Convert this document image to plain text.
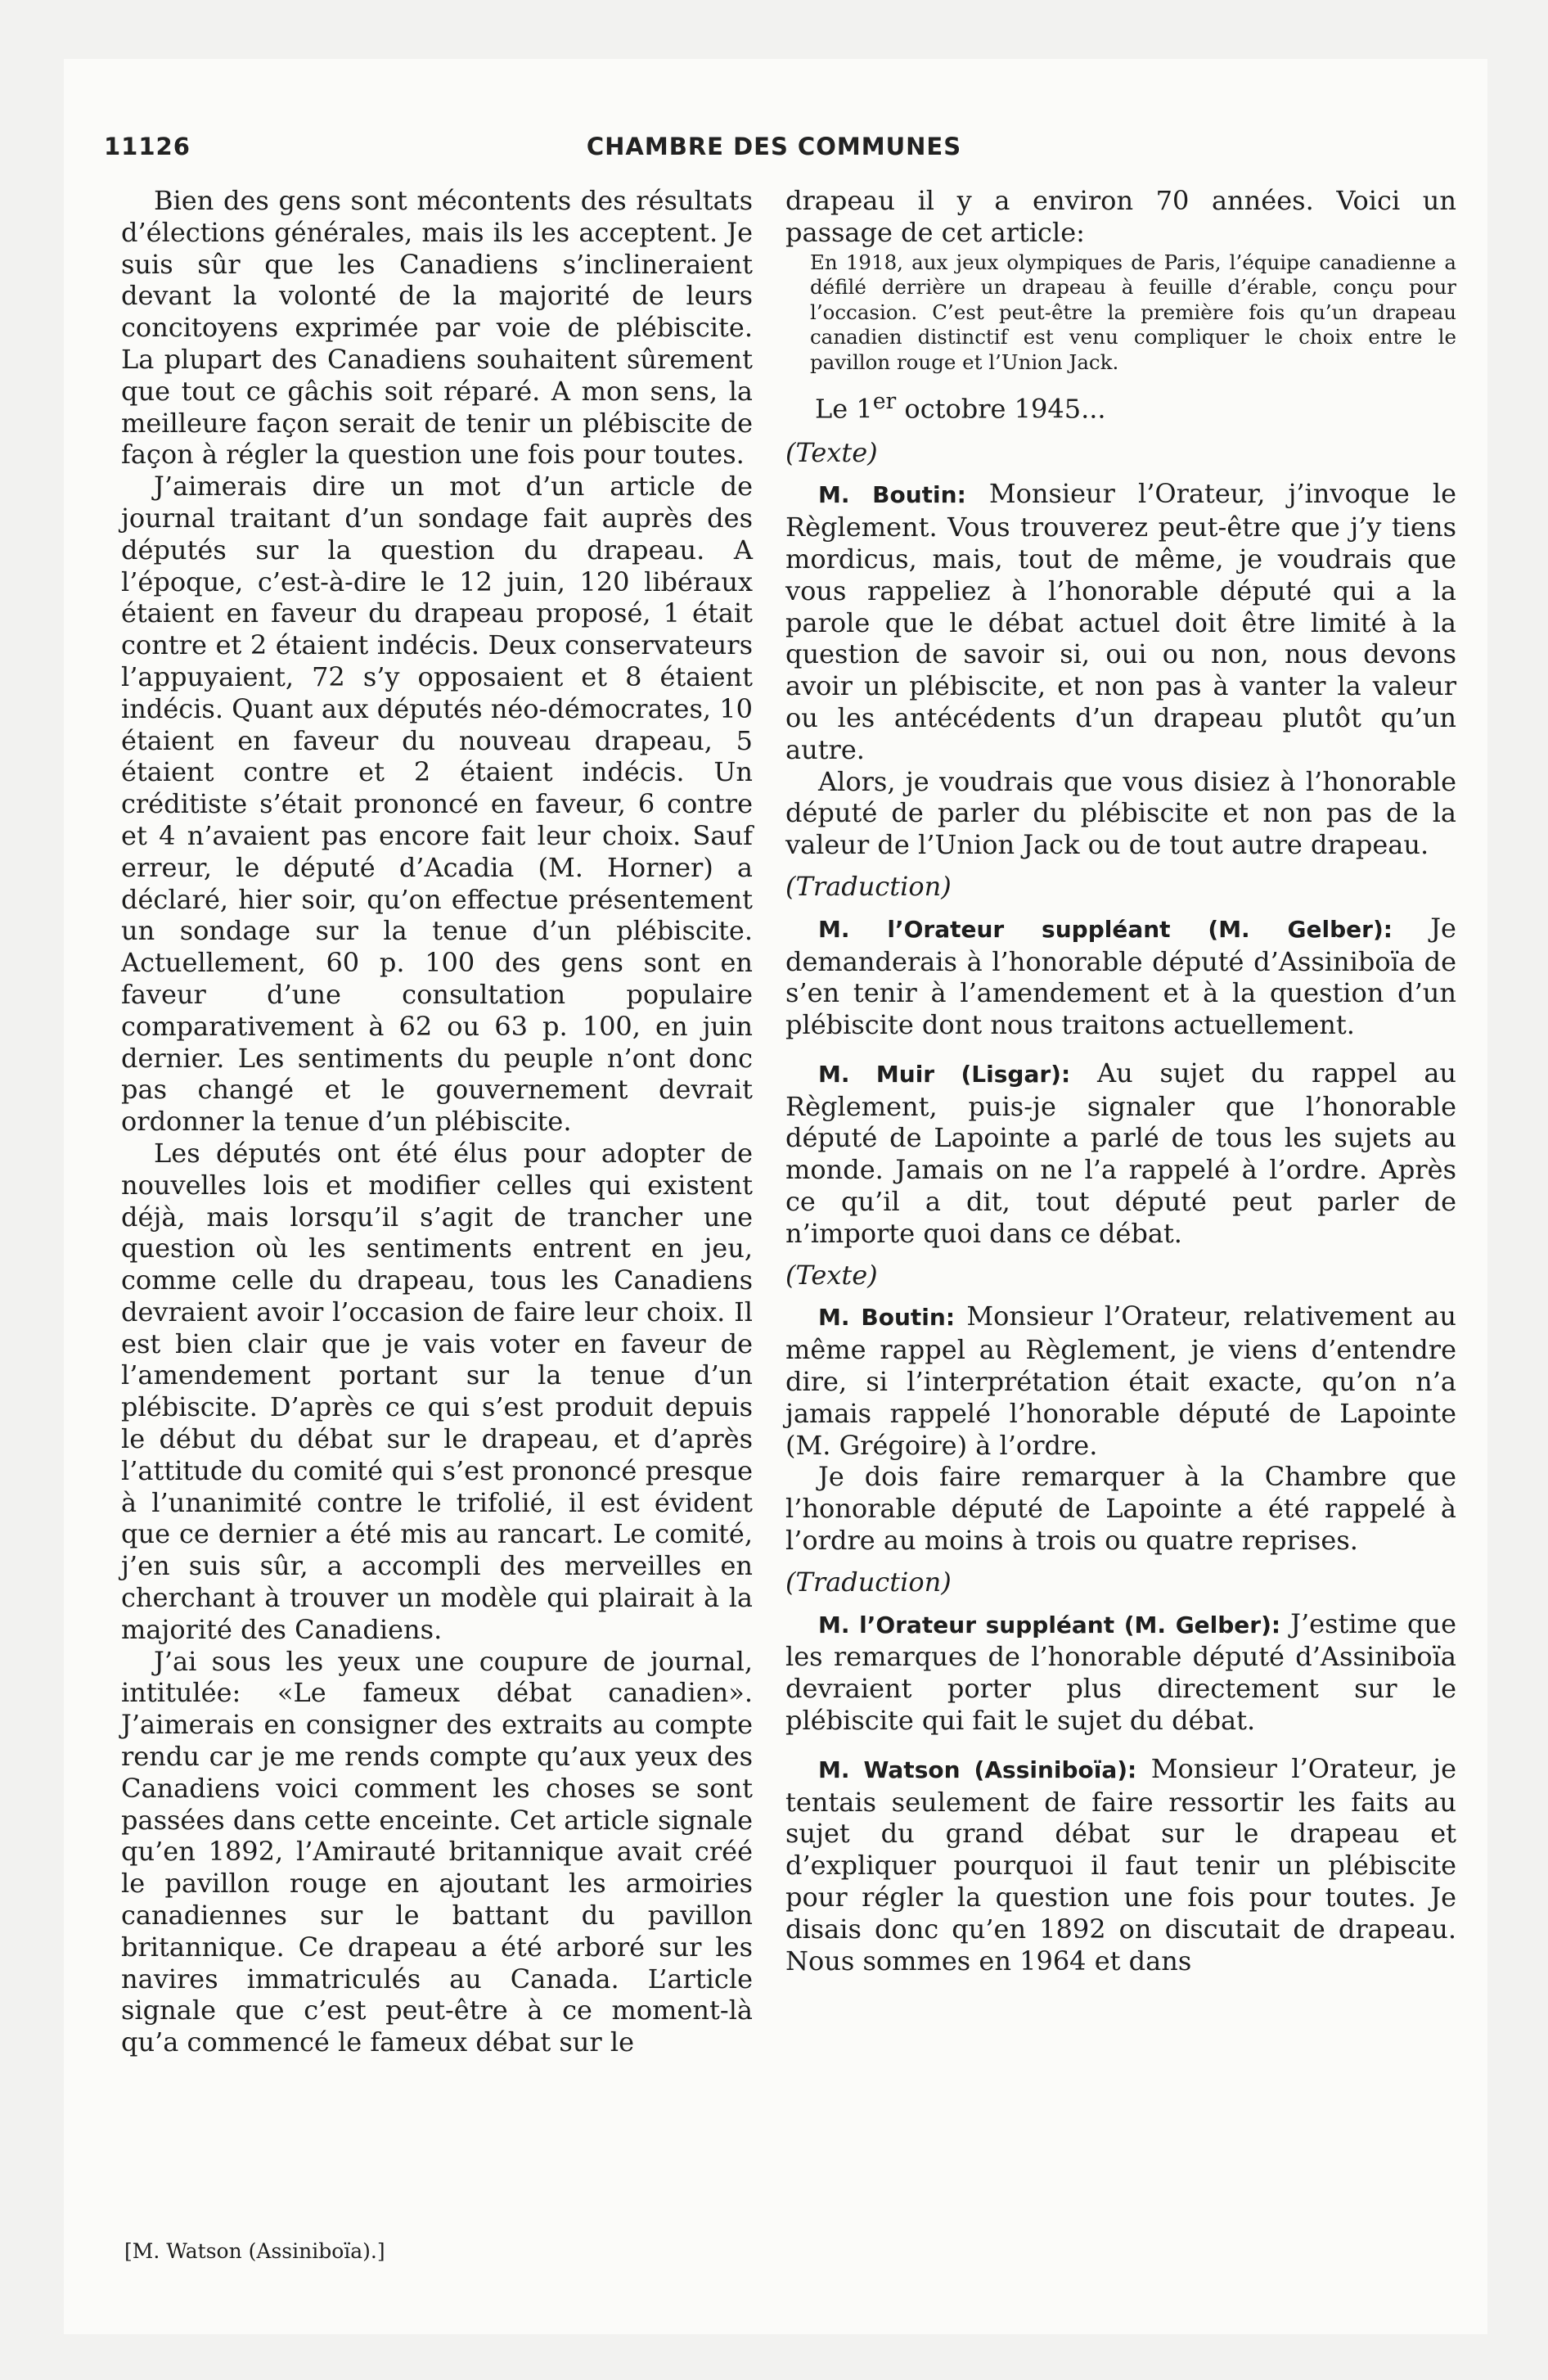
11126	CHAMBRE DES COMMUNES

Bien des gens sont mécontents des résultats d’élections générales, mais ils les acceptent. Je suis sûr que les Canadiens s’inclineraient devant la volonté de la majorité de leurs concitoyens exprimée par voie de plébiscite. La plupart des Canadiens souhaitent sûrement que tout ce gâchis soit réparé. A mon sens, la meilleure façon serait de tenir un plébiscite de façon à régler la question une fois pour toutes.

J’aimerais dire un mot d’un article de journal traitant d’un sondage fait auprès des députés sur la question du drapeau. A l’époque, c’est-à-dire le 12 juin, 120 libéraux étaient en faveur du drapeau proposé, 1 était contre et 2 étaient indécis. Deux conservateurs l’appuyaient, 72 s’y opposaient et 8 étaient indécis. Quant aux députés néo-démocrates, 10 étaient en faveur du nouveau drapeau, 5 étaient contre et 2 étaient indécis. Un créditiste s’était prononcé en faveur, 6 contre et 4 n’avaient pas encore fait leur choix. Sauf erreur, le député d’Acadia (M. Horner) a déclaré, hier soir, qu’on effectue présentement un sondage sur la tenue d’un plébiscite. Actuellement, 60 p. 100 des gens sont en faveur d’une consultation populaire comparativement à 62 ou 63 p. 100, en juin dernier. Les sentiments du peuple n’ont donc pas changé et le gouvernement devrait ordonner la tenue d’un plébiscite.

Les députés ont été élus pour adopter de nouvelles lois et modifier celles qui existent déjà, mais lorsqu’il s’agit de trancher une question où les sentiments entrent en jeu, comme celle du drapeau, tous les Canadiens devraient avoir l’occasion de faire leur choix. Il est bien clair que je vais voter en faveur de l’amendement portant sur la tenue d’un plébiscite. D’après ce qui s’est produit depuis le début du débat sur le drapeau, et d’après l’attitude du comité qui s’est prononcé presque à l’unanimité contre le trifolié, il est évident que ce dernier a été mis au rancart. Le comité, j’en suis sûr, a accompli des merveilles en cherchant à trouver un modèle qui plairait à la majorité des Canadiens.

J’ai sous les yeux une coupure de journal, intitulée: «Le fameux débat canadien». J’aimerais en consigner des extraits au compte rendu car je me rends compte qu’aux yeux des Canadiens voici comment les choses se sont passées dans cette enceinte. Cet article signale qu’en 1892, l’Amirauté britannique avait créé le pavillon rouge en ajoutant les armoiries canadiennes sur le battant du pavillon britannique. Ce drapeau a été arboré sur les navires immatriculés au Canada. L’article signale que c’est peut-être à ce moment-là qu’a commencé le fameux débat sur le

[M. Watson (Assiniboïa).]

drapeau il y a environ 70 années. Voici un passage de cet article:

En 1918, aux jeux olympiques de Paris, l’équipe canadienne a défilé derrière un drapeau à feuille d’érable, conçu pour l’occasion. C’est peut-être la première fois qu’un drapeau canadien distinctif est venu compliquer le choix entre le pavillon rouge et l’Union Jack.

Le 1er octobre 1945...

(Texte)

M. Boutin: Monsieur l’Orateur, j’invoque le Règlement. Vous trouverez peut-être que j’y tiens mordicus, mais, tout de même, je voudrais que vous rappeliez à l’honorable député qui a la parole que le débat actuel doit être limité à la question de savoir si, oui ou non, nous devons avoir un plébiscite, et non pas à vanter la valeur ou les antécédents d’un drapeau plutôt qu’un autre.

Alors, je voudrais que vous disiez à l’honorable député de parler du plébiscite et non pas de la valeur de l’Union Jack ou de tout autre drapeau.

(Traduction)

M. l’Orateur suppléant (M. Gelber): Je demanderais à l’honorable député d’Assiniboïa de s’en tenir à l’amendement et à la question d’un plébiscite dont nous traitons actuellement.

M. Muir (Lisgar): Au sujet du rappel au Règlement, puis-je signaler que l’honorable député de Lapointe a parlé de tous les sujets au monde. Jamais on ne l’a rappelé à l’ordre. Après ce qu’il a dit, tout député peut parler de n’importe quoi dans ce débat.

(Texte)

M. Boutin: Monsieur l’Orateur, relativement au même rappel au Règlement, je viens d’entendre dire, si l’interprétation était exacte, qu’on n’a jamais rappelé l’honorable député de Lapointe (M. Grégoire) à l’ordre.

Je dois faire remarquer à la Chambre que l’honorable député de Lapointe a été rappelé à l’ordre au moins à trois ou quatre reprises.

(Traduction)

M. l’Orateur suppléant (M. Gelber): J’estime que les remarques de l’honorable député d’Assiniboïa devraient porter plus directement sur le plébiscite qui fait le sujet du débat.

M. Watson (Assiniboïa): Monsieur l’Orateur, je tentais seulement de faire ressortir les faits au sujet du grand débat sur le drapeau et d’expliquer pourquoi il faut tenir un plébiscite pour régler la question une fois pour toutes. Je disais donc qu’en 1892 on discutait de drapeau. Nous sommes en 1964 et dans
